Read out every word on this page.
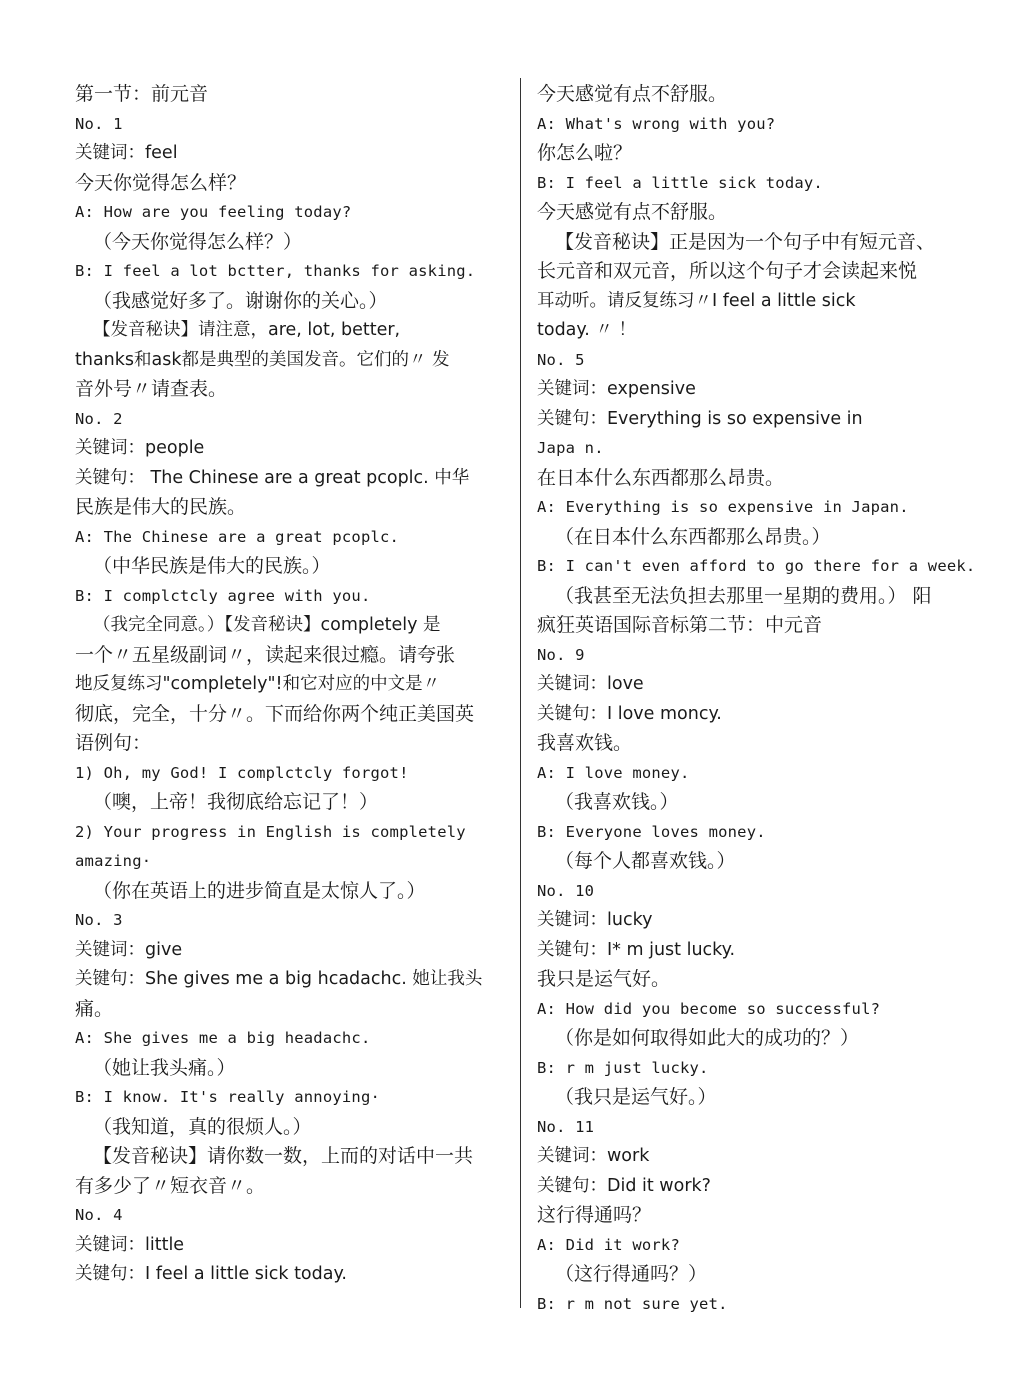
第一节：前元音
No. 1
关键词：feel
今天你觉得怎么样？
A: How are you feeling today?
（今天你觉得怎么样？）
B: I feel a lot bctter, thanks for asking.
（我感觉好多了。谢谢你的关心。）
【发音秘诀】请注意，are, lot, better,
thanks和ask都是典型的美国发音。它们的〃 发
音外号〃请查表。
No. 2
关键词：people
关键句： The Chinese are a great pcoplc. 中华
民族是伟大的民族。
A: The Chinese are a great pcoplc.
（中华民族是伟大的民族。）
B: I complctcly agree with you.
（我完全同意。）【发音秘诀】completely 是
一个〃五星级副词〃，读起来很过瘾。请夸张
地反复练习"completely"!和它对应的中文是〃
彻底，完全，十分〃。下而给你两个纯正美国英
语例句：
1) Oh, my God! I complctcly forgot!
（噢，上帝！我彻底给忘记了！）
2) Your progress in English is completely
amazing·
（你在英语上的进步简直是太惊人了。）
No. 3
关键词：give
关键句：She gives me a big hcadachc. 她让我头
痛。
A: She gives me a big headachc.
（她让我头痛。）
B: I know. It's really annoying·
（我知道，真的很烦人。）
【发音秘诀】请你数一数，上而的对话中一共
有多少了〃短衣音〃。
No. 4
关键词：little
关键句：I feel a little sick today.
今天感觉有点不舒服。
A: What's wrong with you?
你怎么啦？
B: I feel a little sick today.
今天感觉有点不舒服。
【发音秘诀】正是因为一个句子中有短元音、
长元音和双元音，所以这个句子才会读起来悦
耳动听。请反复练习〃I feel a little sick
today. 〃 ！
No. 5
关键词：expensive
关键句：Everything is so expensive in
Japa n.
在日本什么东西都那么昂贵。
A: Everything is so expensive in Japan.
（在日本什么东西都那么昂贵。）
B: I can't even afford to go there for a week.
（我甚至无法负担去那里一星期的费用。） 阳
疯狂英语国际音标第二节：中元音
No. 9
关键词：love
关键句：I love moncy.
我喜欢钱。
A: I love money.
（我喜欢钱。）
B: Everyone loves money.
（每个人都喜欢钱。）
No. 10
关键词：lucky
关键句：I* m just lucky.
我只是运气好。
A: How did you become so successful?
（你是如何取得如此大的成功的？）
B: r m just lucky.
（我只是运气好。）
No. 11
关键词：work
关键句：Did it work?
这行得通吗？
A: Did it work?
（这行得通吗？）
B: r m not sure yet.
